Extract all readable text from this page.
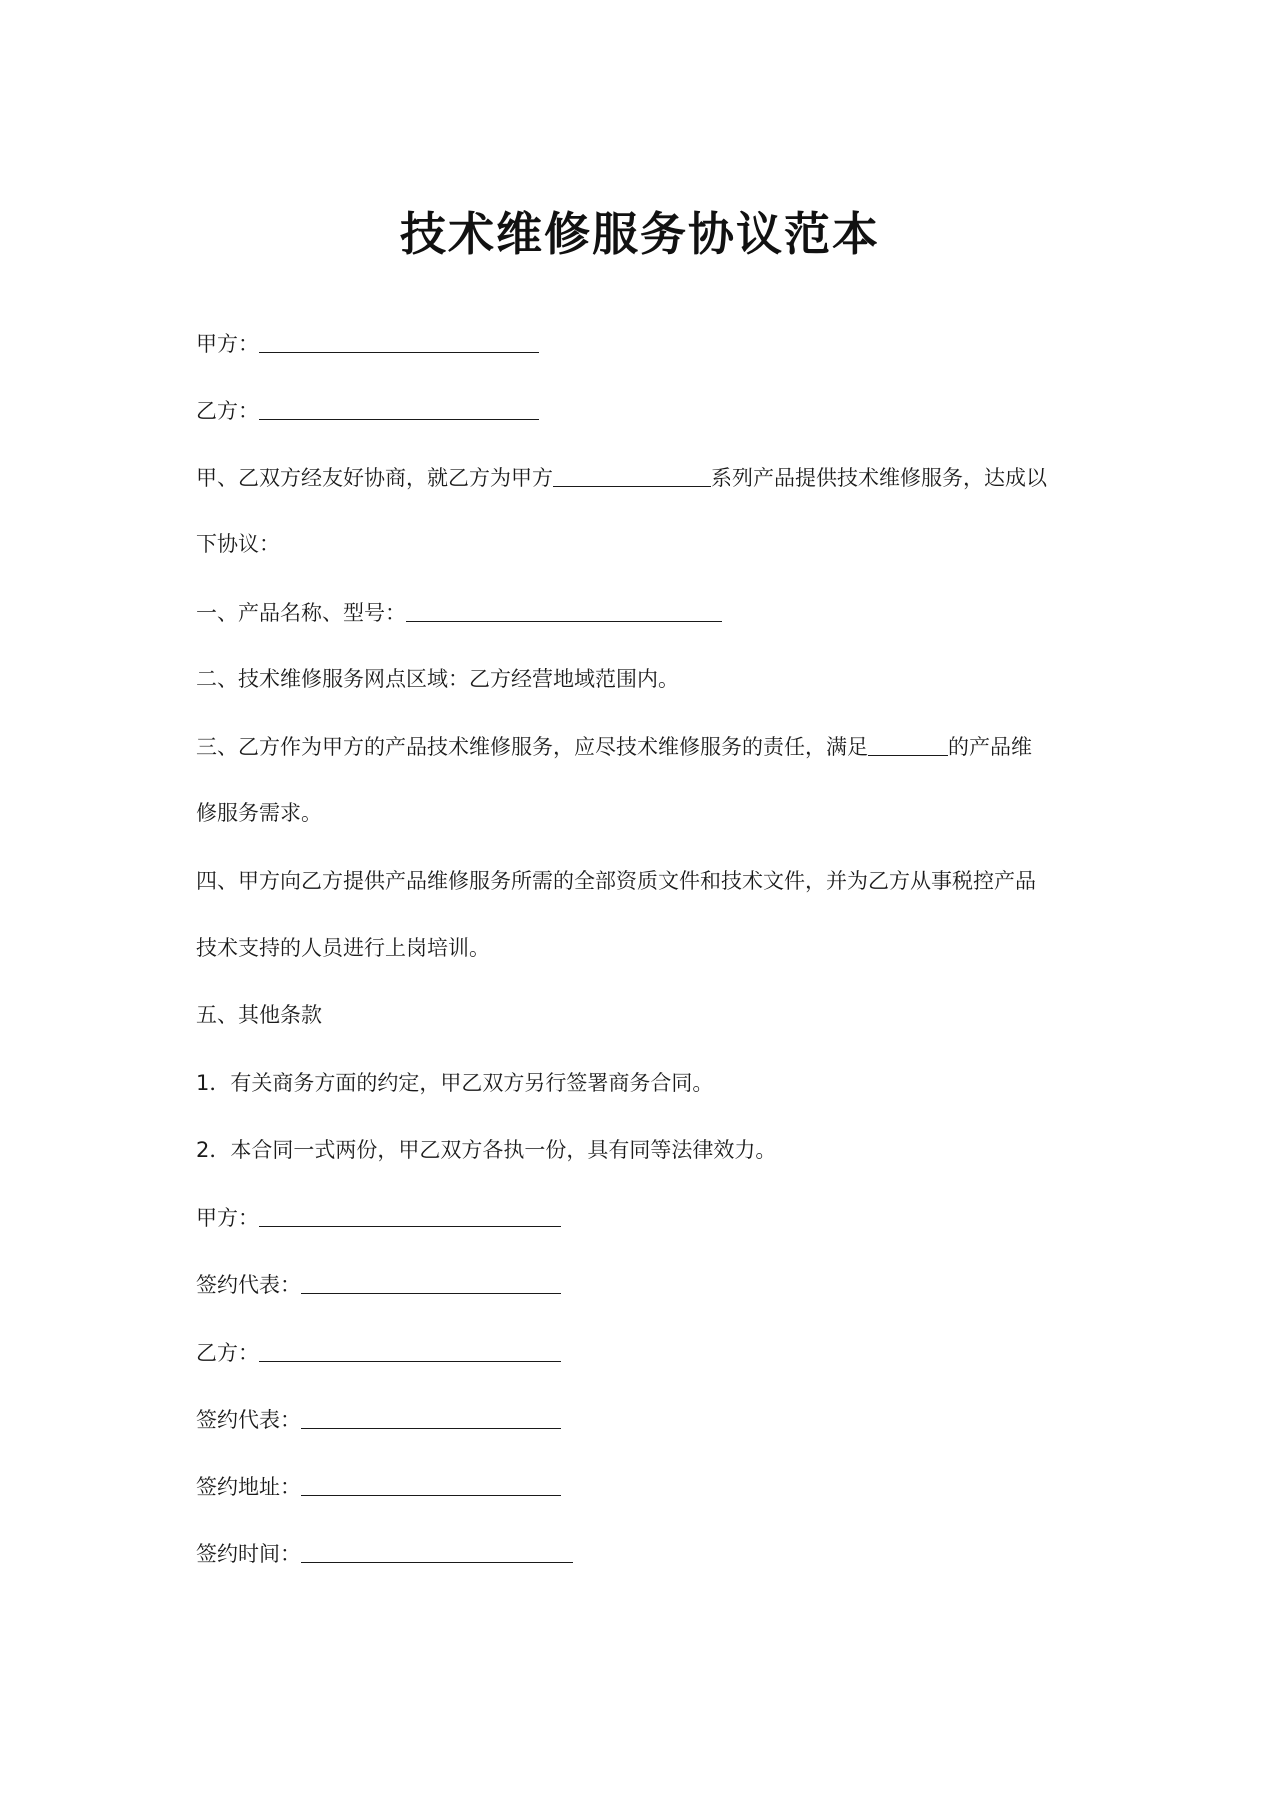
技术维修服务协议范本
甲方：
乙方：
甲、乙双方经友好协商，就乙方为甲方	系列产品提供技术维修服务，达成以
下协议：
一、产品名称、型号：
二、技术维修服务网点区域：乙方经营地域范围内。
三、乙方作为甲方的产品技术维修服务，应尽技术维修服务的责任，满足	的产品维
修服务需求。
四、甲方向乙方提供产品维修服务所需的全部资质文件和技术文件，并为乙方从事税控产品
技术支持的人员进行上岗培训。
五、其他条款
1．有关商务方面的约定，甲乙双方另行签署商务合同。
2．本合同一式两份，甲乙双方各执一份，具有同等法律效力。
甲方：
签约代表：
乙方：
签约代表：
签约地址：
签约时间：
